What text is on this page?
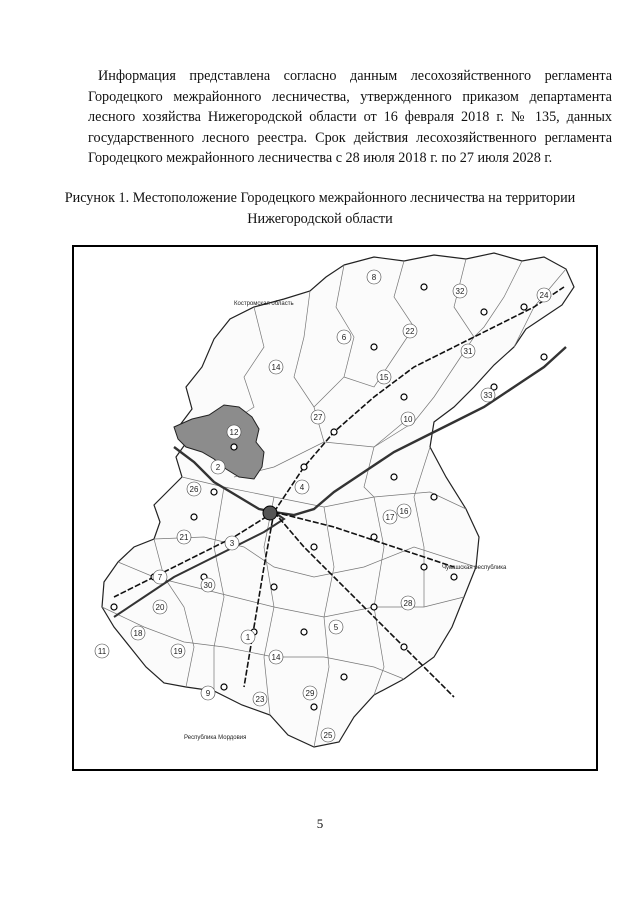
Информация представлена согласно данным лесохозяйственного регламента
Городецкого межрайонного лесничества, утвержденного приказом департамента
лесного хозяйства Нижегородской области от 16 февраля 2018 г. № 135, данных
государственного лесного реестра. Срок действия лесохозяйственного регламента
Городецкого межрайонного лесничества с 28 июля 2018 г. по 27 июля 2028 г.

Рисунок 1. Местоположение Городецкого межрайонного лесничества на территории
Нижегородской области

Костромская область
Республика Мордовия
8
32	24
6
22
31
14
15
33
27	10
12
2
4
26
17
16
21
3
7
30
28
20
18
11	19
5
1
14
9
23
25
29
Чувашская республика
5
